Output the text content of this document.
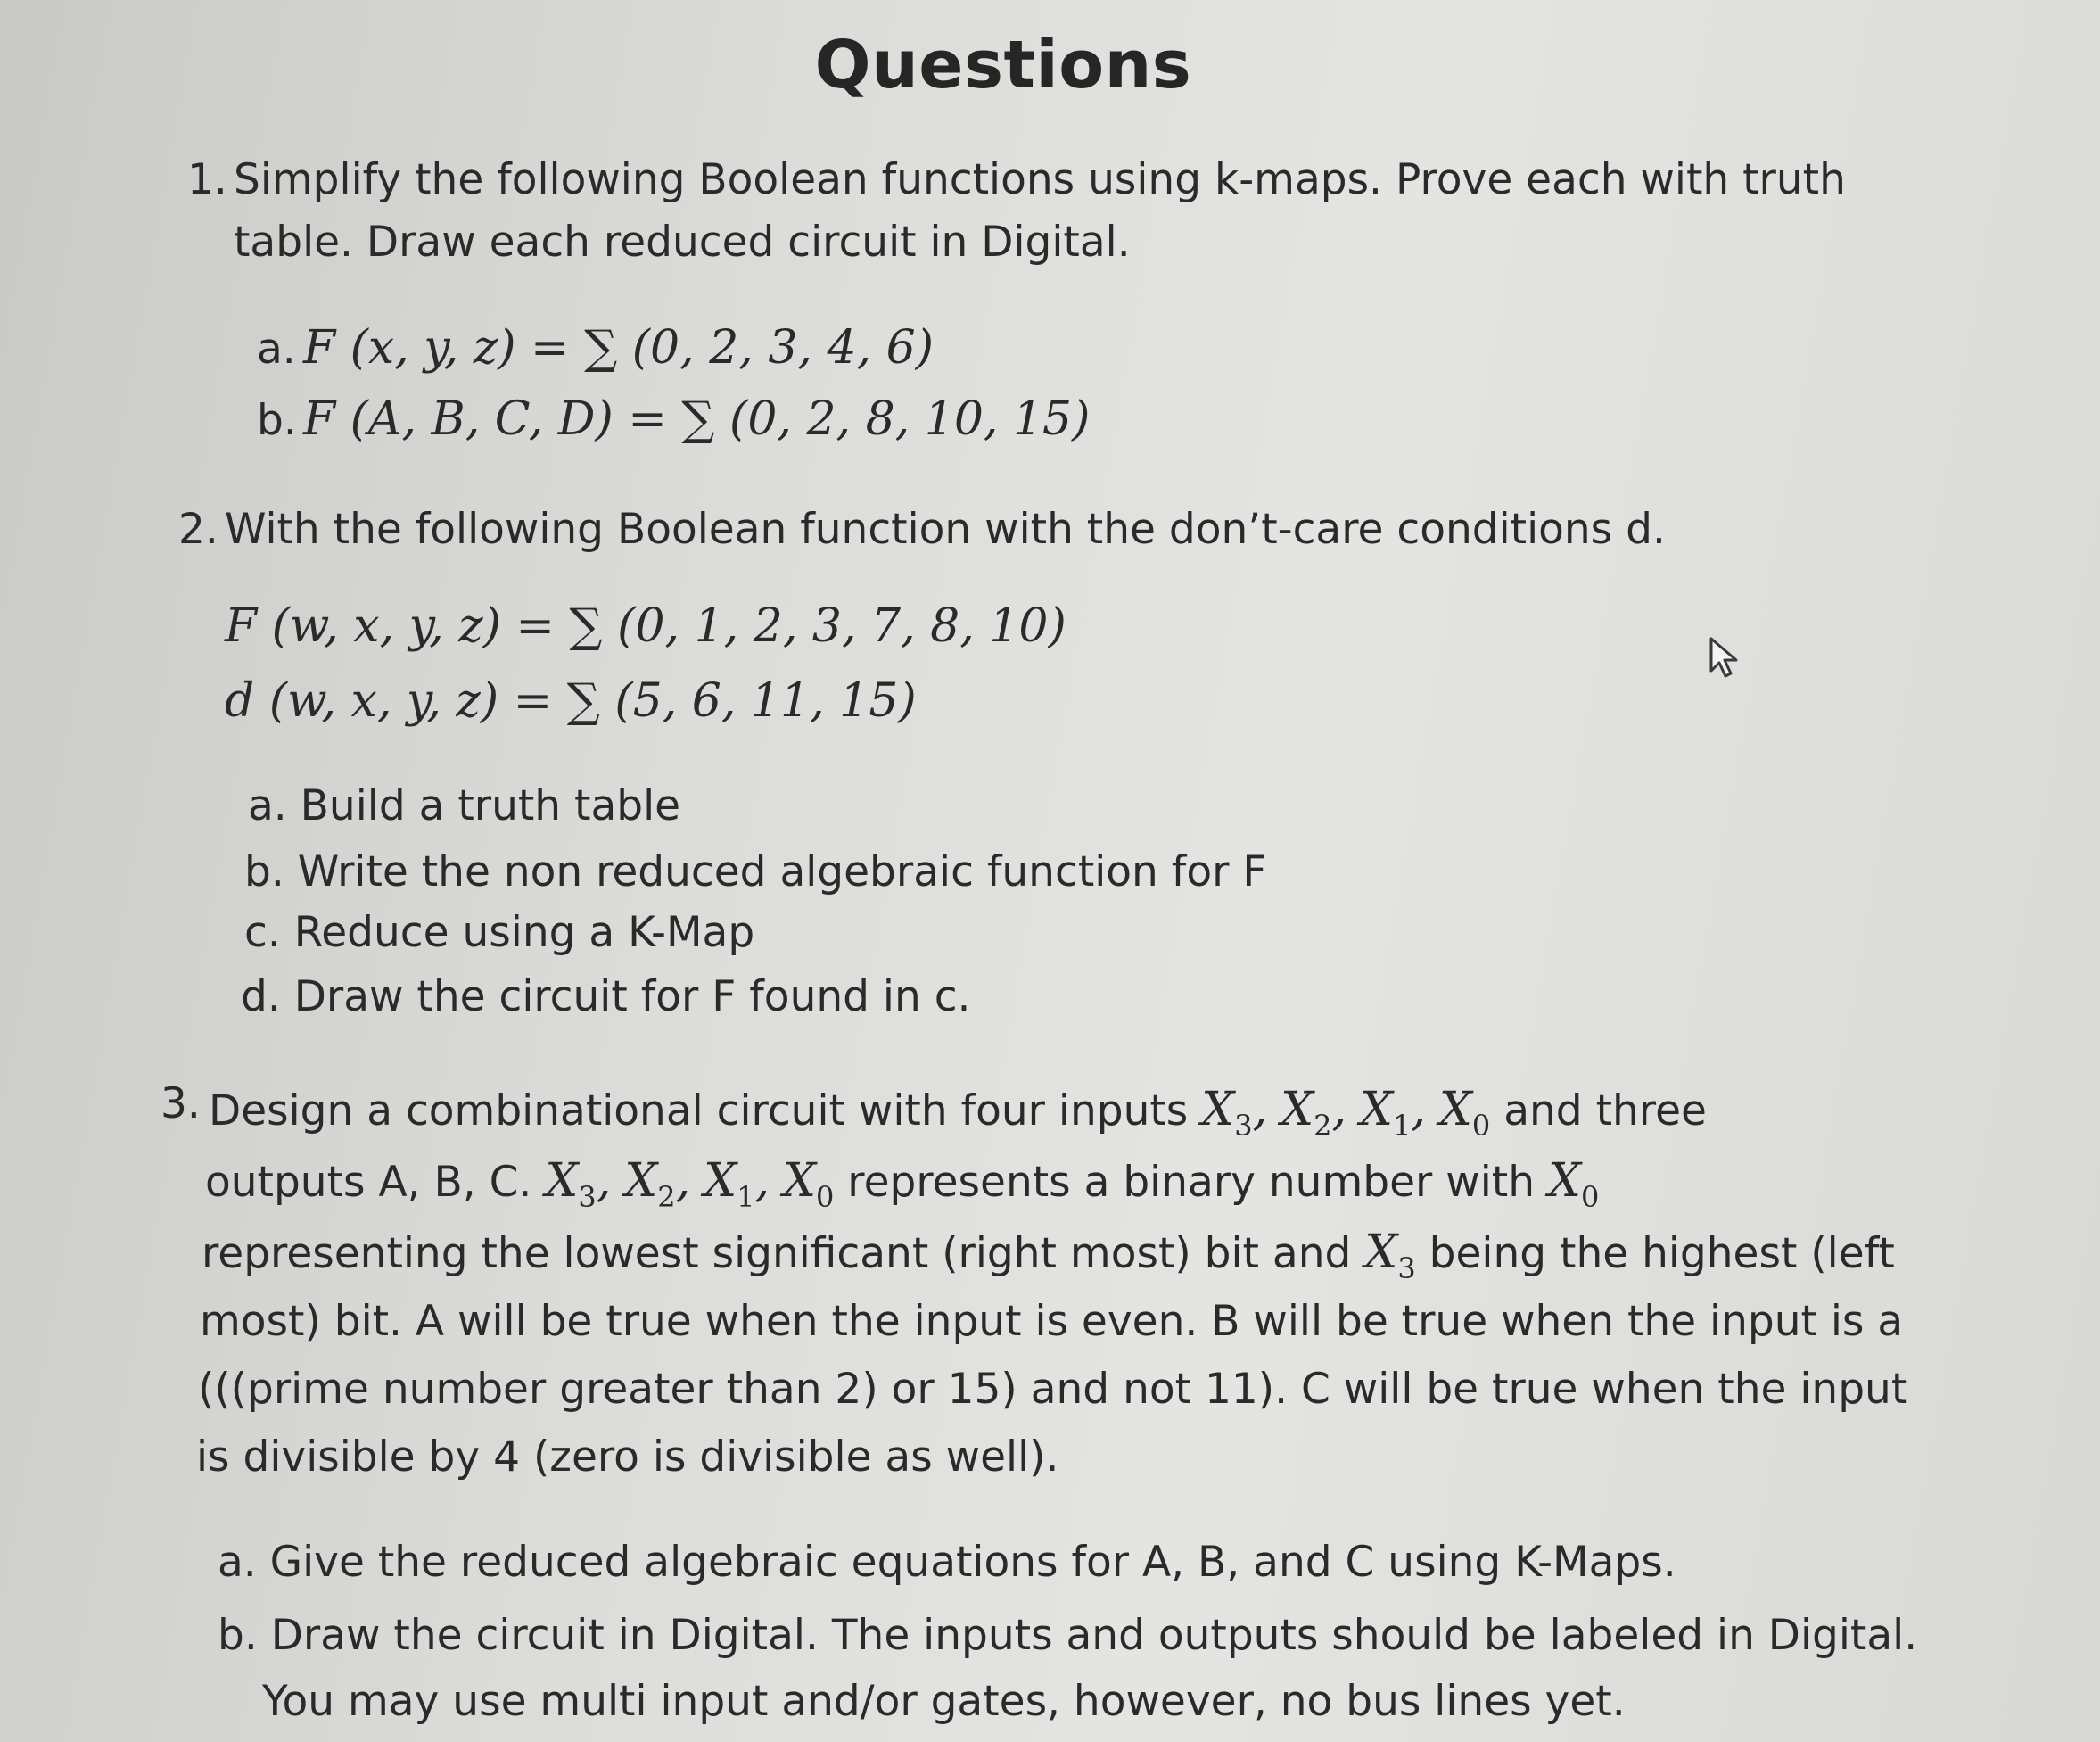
Questions
1. Simplify the following Boolean functions using k-maps. Prove each with truth
table. Draw each reduced circuit in Digital.
a. F (x, y, z) = ∑ (0, 2, 3, 4, 6)
b. F (A, B, C, D) = ∑ (0, 2, 8, 10, 15)
2. With the following Boolean function with the don’t-care conditions d.
F (w, x, y, z) = ∑ (0, 1, 2, 3, 7, 8, 10)
d (w, x, y, z) = ∑ (5, 6, 11, 15)
a. Build a truth table
b. Write the non reduced algebraic function for F
c. Reduce using a K-Map
d. Draw the circuit for F found in c.
3. Design a combinational circuit with four inputs $X_3$, $X_2$, $X_1$, $X_0$ and three
outputs A, B, C. $X_3$, $X_2$, $X_1$, $X_0$ represents a binary number with $X_0$
representing the lowest significant (right most) bit and $X_3$ being the highest (left
most) bit. A will be true when the input is even. B will be true when the input is a
(((prime number greater than 2) or 15) and not 11). C will be true when the input
is divisible by 4 (zero is divisible as well).
a. Give the reduced algebraic equations for A, B, and C using K-Maps.
b. Draw the circuit in Digital. The inputs and outputs should be labeled in Digital.
You may use multi input and/or gates, however, no bus lines yet.
